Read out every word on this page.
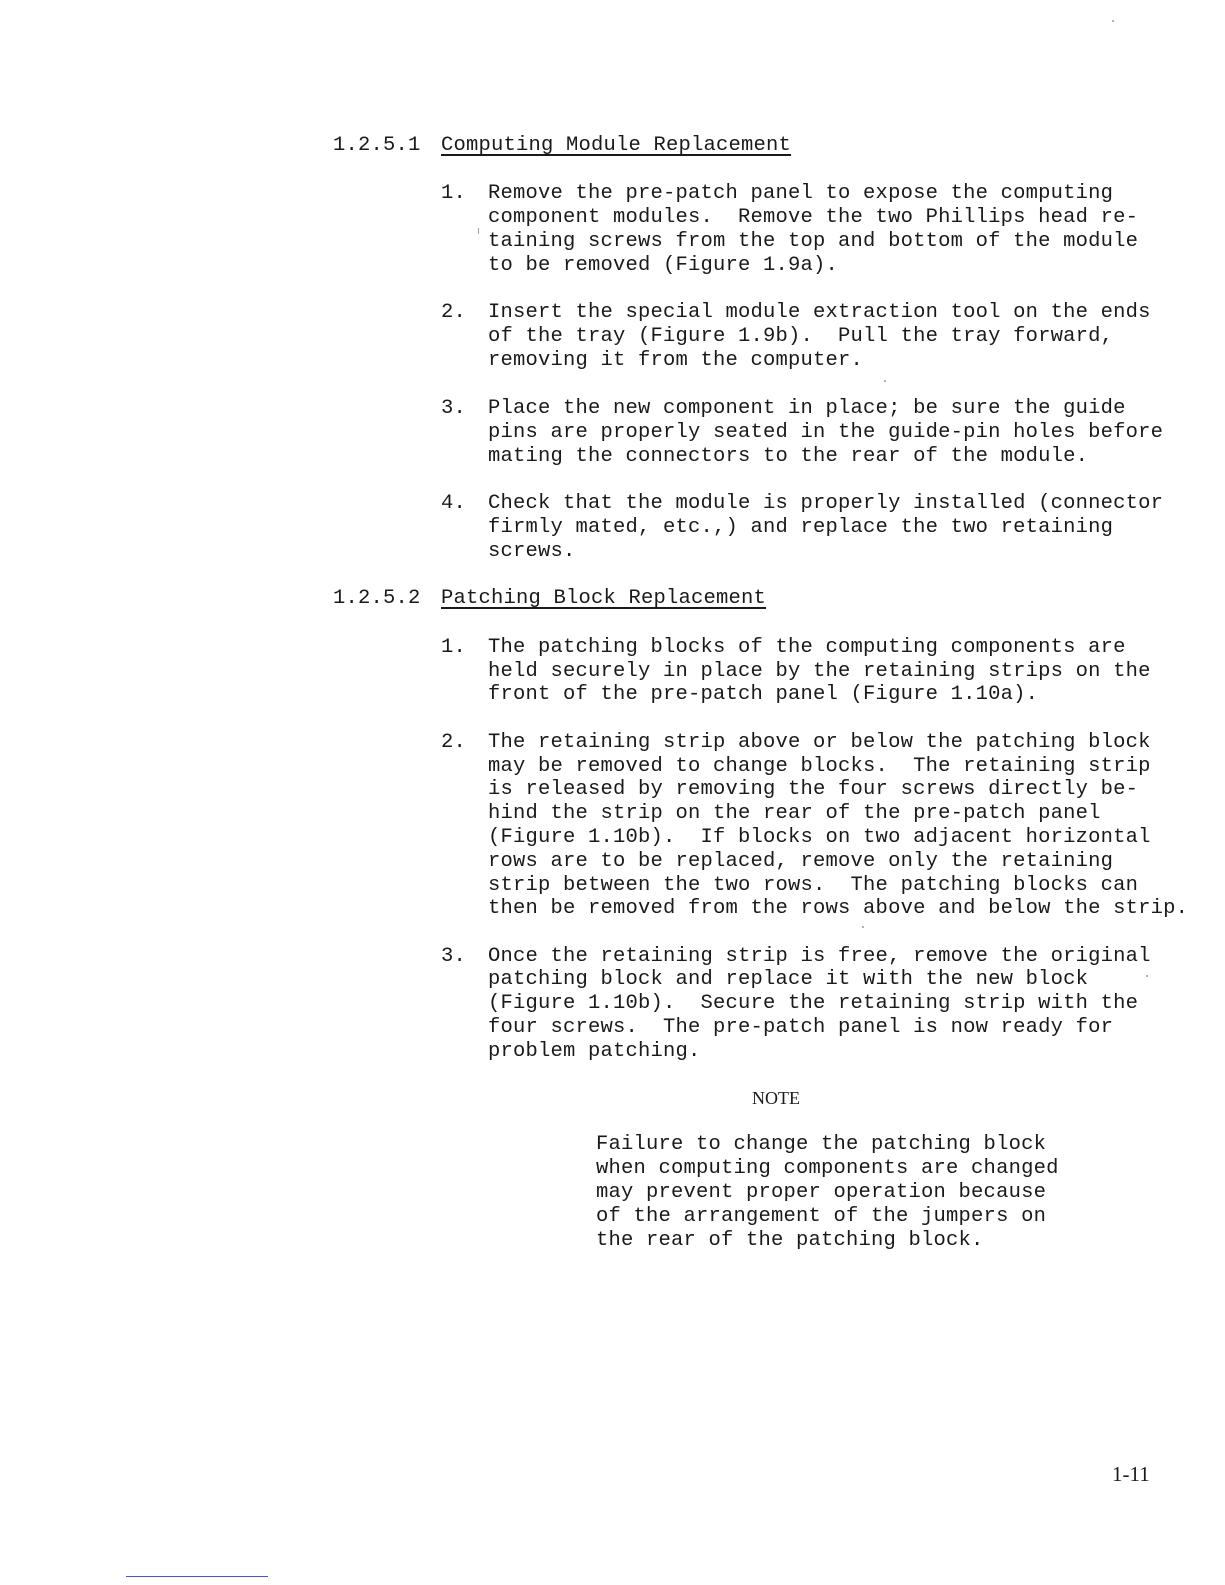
1.2.5.1 Computing Module Replacement
1. Remove the pre-patch panel to expose the computing
component modules.  Remove the two Phillips head re-
taining screws from the top and bottom of the module
to be removed (Figure 1.9a).
2. Insert the special module extraction tool on the ends
of the tray (Figure 1.9b).  Pull the tray forward,
removing it from the computer.
3. Place the new component in place; be sure the guide
pins are properly seated in the guide-pin holes before
mating the connectors to the rear of the module.
4. Check that the module is properly installed (connector
firmly mated, etc.,) and replace the two retaining
screws.
1.2.5.2 Patching Block Replacement
1. The patching blocks of the computing components are
held securely in place by the retaining strips on the
front of the pre-patch panel (Figure 1.10a).
2. The retaining strip above or below the patching block
may be removed to change blocks.  The retaining strip
is released by removing the four screws directly be-
hind the strip on the rear of the pre-patch panel
(Figure 1.10b).  If blocks on two adjacent horizontal
rows are to be replaced, remove only the retaining
strip between the two rows.  The patching blocks can
then be removed from the rows above and below the strip.
3. Once the retaining strip is free, remove the original
patching block and replace it with the new block
(Figure 1.10b).  Secure the retaining strip with the
four screws.  The pre-patch panel is now ready for
problem patching.
NOTE
Failure to change the patching block
when computing components are changed
may prevent proper operation because
of the arrangement of the jumpers on
the rear of the patching block.
1-11
